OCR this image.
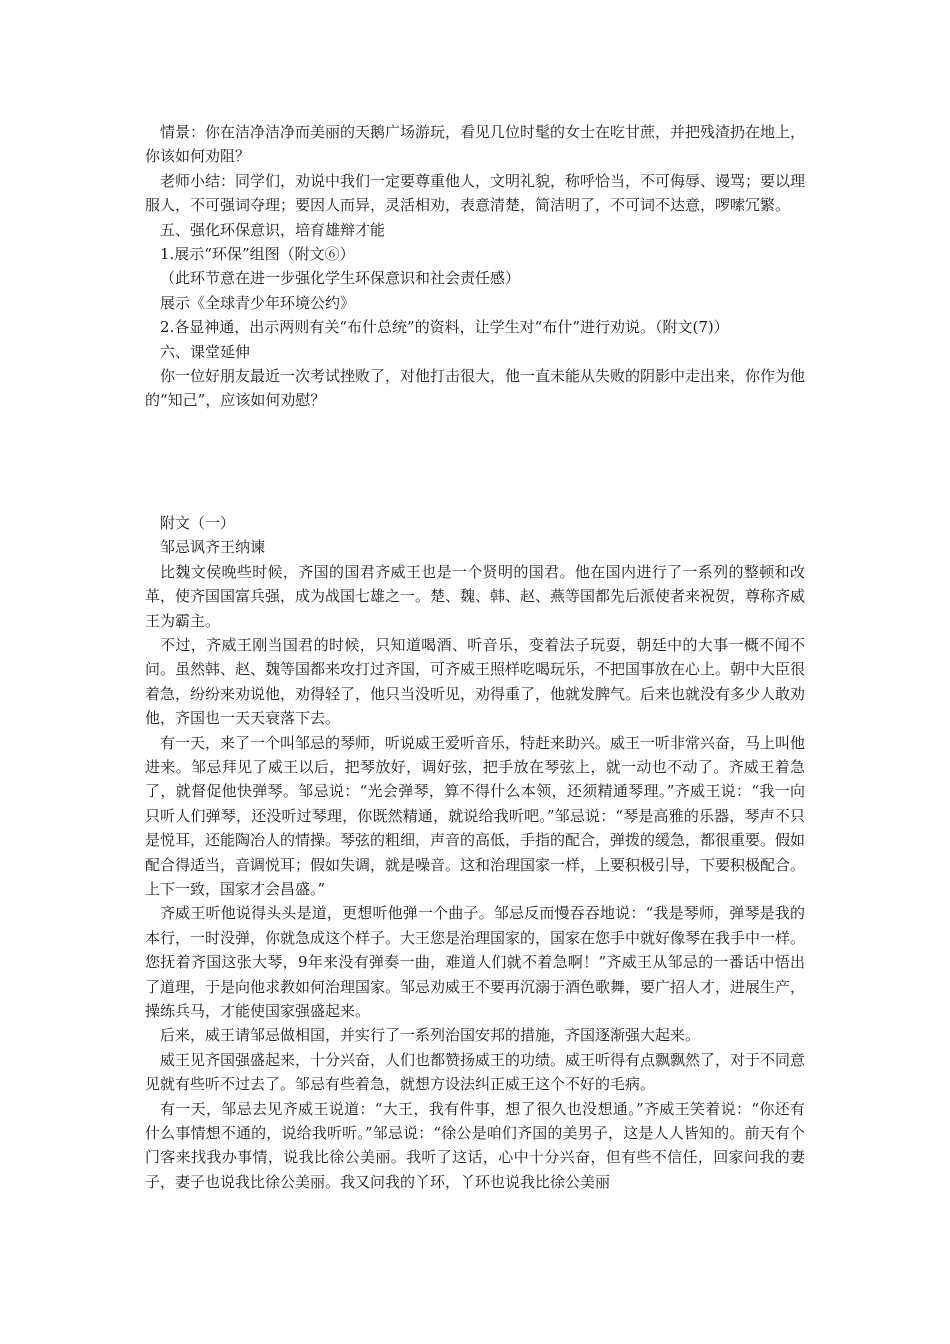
情景：你在洁净洁净而美丽的天鹅广场游玩，看见几位时髦的女士在吃甘蔗，并把残渣扔在地上，你该如何劝阻？

老师小结：同学们，劝说中我们一定要尊重他人，文明礼貌，称呼恰当，不可侮辱、谩骂；要以理服人，不可强词夺理；要因人而异，灵活相劝，表意清楚，简洁明了，不可词不达意，啰嗦冗繁。

五、强化环保意识，培育雄辩才能

1.展示“环保”组图（附文⑥）

（此环节意在进一步强化学生环保意识和社会责任感）

展示《全球青少年环境公约》

2.各显神通，出示两则有关“布什总统”的资料，让学生对“布什”进行劝说。（附文(7)）

六、课堂延伸

你一位好朋友最近一次考试挫败了，对他打击很大，他一直未能从失败的阴影中走出来，你作为他的“知己”，应该如何劝慰？

附文（一）

邹忌讽齐王纳谏

比魏文侯晚些时候，齐国的国君齐威王也是一个贤明的国君。他在国内进行了一系列的整顿和改革，使齐国国富兵强，成为战国七雄之一。楚、魏、韩、赵、燕等国都先后派使者来祝贺，尊称齐威王为霸主。

不过，齐威王刚当国君的时候，只知道喝酒、听音乐，变着法子玩耍，朝廷中的大事一概不闻不问。虽然韩、赵、魏等国都来攻打过齐国，可齐威王照样吃喝玩乐，不把国事放在心上。朝中大臣很着急，纷纷来劝说他，劝得轻了，他只当没听见，劝得重了，他就发脾气。后来也就没有多少人敢劝他，齐国也一天天衰落下去。

有一天，来了一个叫邹忌的琴师，听说威王爱听音乐，特赶来助兴。威王一听非常兴奋，马上叫他进来。邹忌拜见了威王以后，把琴放好，调好弦，把手放在琴弦上，就一动也不动了。齐威王着急了，就督促他快弹琴。邹忌说：“光会弹琴，算不得什么本领，还须精通琴理。”齐威王说：“我一向只听人们弹琴，还没听过琴理，你既然精通，就说给我听吧。”邹忌说：“琴是高雅的乐器，琴声不只是悦耳，还能陶冶人的情操。琴弦的粗细，声音的高低，手指的配合，弹拨的缓急，都很重要。假如配合得适当，音调悦耳；假如失调，就是噪音。这和治理国家一样，上要积极引导，下要积极配合。上下一致，国家才会昌盛。”

齐威王听他说得头头是道，更想听他弹一个曲子。邹忌反而慢吞吞地说：“我是琴师，弹琴是我的本行，一时没弹，你就急成这个样子。大王您是治理国家的，国家在您手中就好像琴在我手中一样。您抚着齐国这张大琴，9年来没有弹奏一曲，难道人们就不着急啊！”齐威王从邹忌的一番话中悟出了道理，于是向他求教如何治理国家。邹忌劝威王不要再沉溺于酒色歌舞，要广招人才，进展生产，操练兵马，才能使国家强盛起来。

后来，威王请邹忌做相国，并实行了一系列治国安邦的措施，齐国逐渐强大起来。

威王见齐国强盛起来，十分兴奋，人们也都赞扬威王的功绩。威王听得有点飘飘然了，对于不同意见就有些听不过去了。邹忌有些着急，就想方设法纠正威王这个不好的毛病。

有一天，邹忌去见齐威王说道：“大王，我有件事，想了很久也没想通。”齐威王笑着说：“你还有什么事情想不通的，说给我听听。”邹忌说：“徐公是咱们齐国的美男子，这是人人皆知的。前天有个门客来找我办事情，说我比徐公美丽。我听了这话，心中十分兴奋，但有些不信任，回家问我的妻子，妻子也说我比徐公美丽。我又问我的丫环，丫环也说我比徐公美丽
